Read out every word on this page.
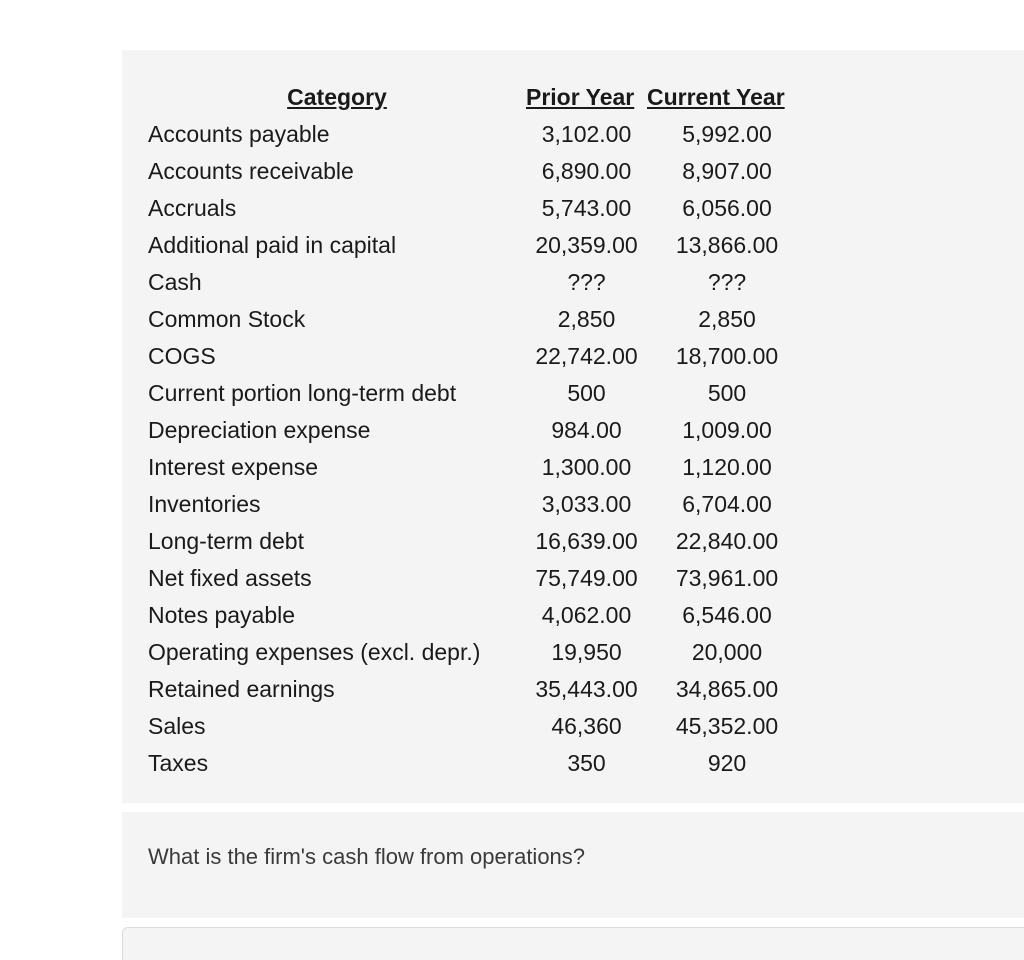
Category	Prior Year	Current Year
Accounts payable	3,102.00	5,992.00
Accounts receivable	6,890.00	8,907.00
Accruals	5,743.00	6,056.00
Additional paid in capital	20,359.00	13,866.00
Cash	???	???
Common Stock	2,850	2,850
COGS	22,742.00	18,700.00
Current portion long-term debt	500	500
Depreciation expense	984.00	1,009.00
Interest expense	1,300.00	1,120.00
Inventories	3,033.00	6,704.00
Long-term debt	16,639.00	22,840.00
Net fixed assets	75,749.00	73,961.00
Notes payable	4,062.00	6,546.00
Operating expenses (excl. depr.)	19,950	20,000
Retained earnings	35,443.00	34,865.00
Sales	46,360	45,352.00
Taxes	350	920
What is the firm's cash flow from operations?
